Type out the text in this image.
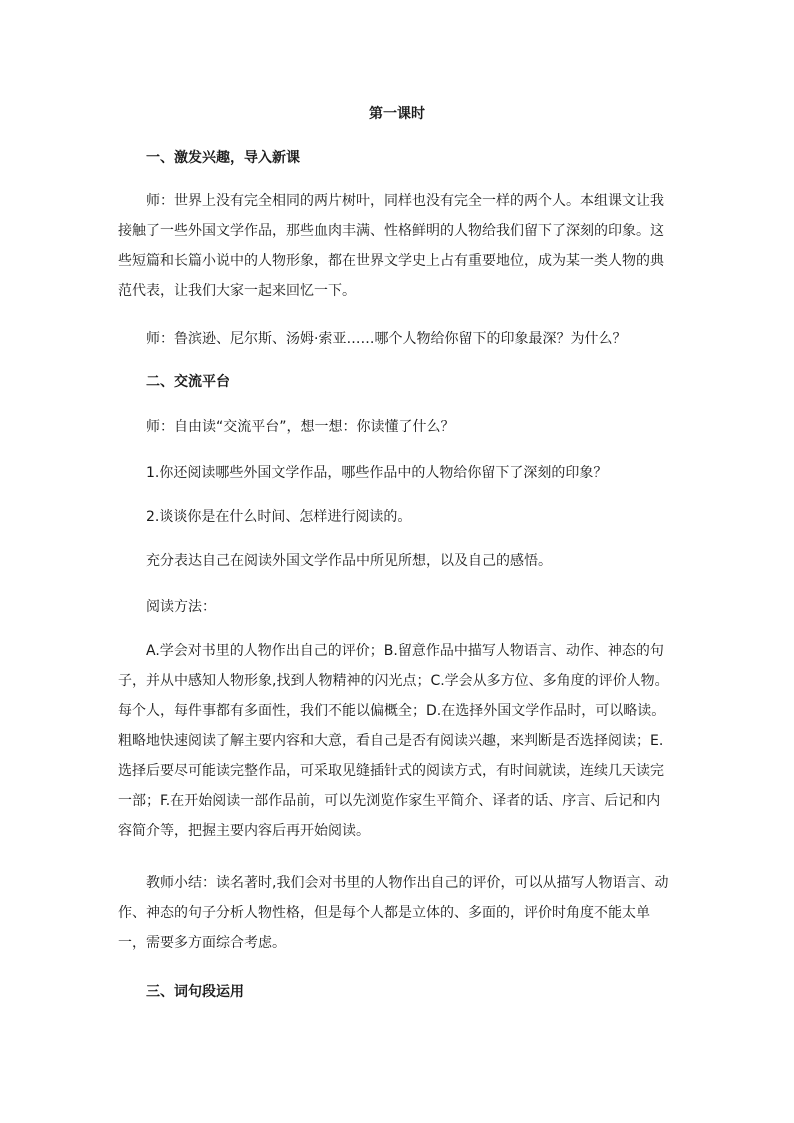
第一课时
一、激发兴趣，导入新课
师：世界上没有完全相同的两片树叶，同样也没有完全一样的两个人。本组课文让我
接触了一些外国文学作品，那些血肉丰满、性格鲜明的人物给我们留下了深刻的印象。这
些短篇和长篇小说中的人物形象，都在世界文学史上占有重要地位，成为某一类人物的典
范代表，让我们大家一起来回忆一下。
师：鲁滨逊、尼尔斯、汤姆·索亚……哪个人物给你留下的印象最深？为什么？
二、交流平台
师：自由读“交流平台”，想一想：你读懂了什么？
1.你还阅读哪些外国文学作品，哪些作品中的人物给你留下了深刻的印象？
2.谈谈你是在什么时间、怎样进行阅读的。
充分表达自己在阅读外国文学作品中所见所想，以及自己的感悟。
阅读方法：
A.学会对书里的人物作出自己的评价；B.留意作品中描写人物语言、动作、神态的句
子，并从中感知人物形象,找到人物精神的闪光点；C.学会从多方位、多角度的评价人物。
每个人，每件事都有多面性，我们不能以偏概全；D.在选择外国文学作品时，可以略读。
粗略地快速阅读了解主要内容和大意，看自己是否有阅读兴趣，来判断是否选择阅读；E.
选择后要尽可能读完整作品，可采取见缝插针式的阅读方式，有时间就读，连续几天读完
一部；F.在开始阅读一部作品前，可以先浏览作家生平简介、译者的话、序言、后记和内
容简介等，把握主要内容后再开始阅读。
教师小结：读名著时,我们会对书里的人物作出自己的评价，可以从描写人物语言、动
作、神态的句子分析人物性格，但是每个人都是立体的、多面的，评价时角度不能太单
一，需要多方面综合考虑。
三、词句段运用
